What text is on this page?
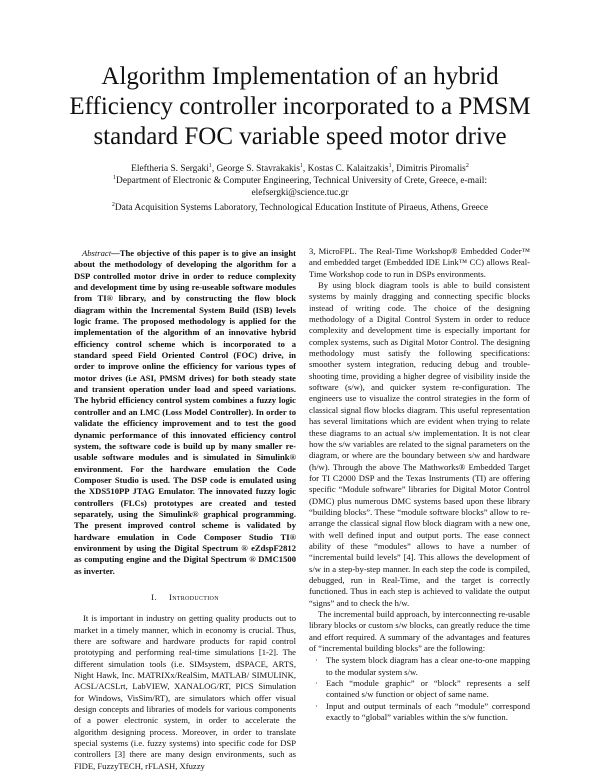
Algorithm Implementation of an hybrid
Efficiency controller incorporated to a PMSM
standard FOC variable speed motor drive

Eleftheria S. Sergaki$^1$, George S. Stavrakakis$^1$, Kostas C. Kalaitzakis$^1$, Dimitris Piromalis$^2$

$^1$Department of Electronic & Computer Engineering, Technical University of Crete, Greece, e-mail:

elefsergki@science.tuc.gr

$^2$Data Acquisition Systems Laboratory, Technological Education Institute of Piraeus, Athens, Greece

Abstract—The objective of this paper is to give an insight about the methodology of developing the algorithm for a DSP controlled motor drive in order to reduce complexity and development time by using re-useable software modules from TI® library, and by constructing the flow block diagram within the Incremental System Build (ISB) levels logic frame. The proposed methodology is applied for the implementation of the algorithm of an innovative hybrid efficiency control scheme which is incorporated to a standard speed Field Oriented Control (FOC) drive, in order to improve online the efficiency for various types of motor drives (i.e ASI, PMSM drives) for both steady state and transient operation under load and speed variations. The hybrid efficiency control system combines a fuzzy logic controller and an LMC (Loss Model Controller). In order to validate the efficiency improvement and to test the good dynamic performance of this innovated efficiency control system, the software code is build up by many smaller re-usable software modules and is simulated in Simulink® environment. For the hardware emulation the Code Composer Studio is used. The DSP code is emulated using the XDS510PP JTAG Emulator. The innovated fuzzy logic controllers (FLCs) prototypes are created and tested separately, using the Simulink® graphical programming. The present improved control scheme is validated by hardware emulation in Code Composer Studio TI® environment by using the Digital Spectrum ® eZdspF2812 as computing engine and the Digital Spectrum ® DMC1500 as inverter.

I. Introduction

It is important in industry on getting quality products out to market in a timely manner, which in economy is crucial. Thus, there are software and hardware products for rapid control prototyping and performing real-time simulations [1-2]. The different simulation tools (i.e. SIMsystem, dSPACE, ARTS, Night Hawk, Inc. MATRIXx/RealSim, MATLAB/ SIMULINK, ACSL/ACSLrt, LabVIEW, XANALOG/RT, PICS Simulation for Windows, VisSim/RT), are simulators which offer visual design concepts and libraries of models for various components of a power electronic system, in order to accelerate the algorithm designing process. Moreover, in order to translate special systems (i.e. fuzzy systems) into specific code for DSP controllers [3] there are many design environments, such as FIDE, FuzzyTECH, rFLASH, Xfuzzy

3, MicroFPL. The Real-Time Workshop® Embedded Coder™ and embedded target (Embedded IDE Link™ CC) allows Real-Time Workshop code to run in DSPs environments.

By using block diagram tools is able to build consistent systems by mainly dragging and connecting specific blocks instead of writing code. The choice of the designing methodology of a Digital Control System in order to reduce complexity and development time is especially important for complex systems, such as Digital Motor Control. The designing methodology must satisfy the following specifications: smoother system integration, reducing debug and trouble-shooting time, providing a higher degree of visibility inside the software (s/w), and quicker system re-configuration. The engineers use to visualize the control strategies in the form of classical signal flow blocks diagram. This useful representation has several limitations which are evident when trying to relate these diagrams to an actual s/w implementation. It is not clear how the s/w variables are related to the signal parameters on the diagram, or where are the boundary between s/w and hardware (h/w). Through the above The Mathworks® Embedded Target for TI C2000 DSP and the Texas Instruments (TI) are offering specific “Module software” libraries for Digital Motor Control (DMC) plus numerous DMC systems based upon these library “building blocks”. These “module software blocks” allow to re-arrange the classical signal flow block diagram with a new one, with well defined input and output ports. The ease connect ability of these “modules” allows to have a number of “incremental build levels” [4]. This allows the development of s/w in a step-by-step manner. In each step the code is compiled, debugged, run in Real-Time, and the target is correctly functioned. Thus in each step is achieved to validate the output “signs” and to check the h/w.

The incremental build approach, by interconnecting re-usable library blocks or custom s/w blocks, can greatly reduce the time and effort required. A summary of the advantages and features of “incremental building blocks” are the following:

· The system block diagram has a clear one-to-one mapping to the modular system s/w.
· Each “module graphic” or “block” represents a self contained s/w function or object of same name.
· Input and output terminals of each “module” correspond exactly to “global” variables within the s/w function.
